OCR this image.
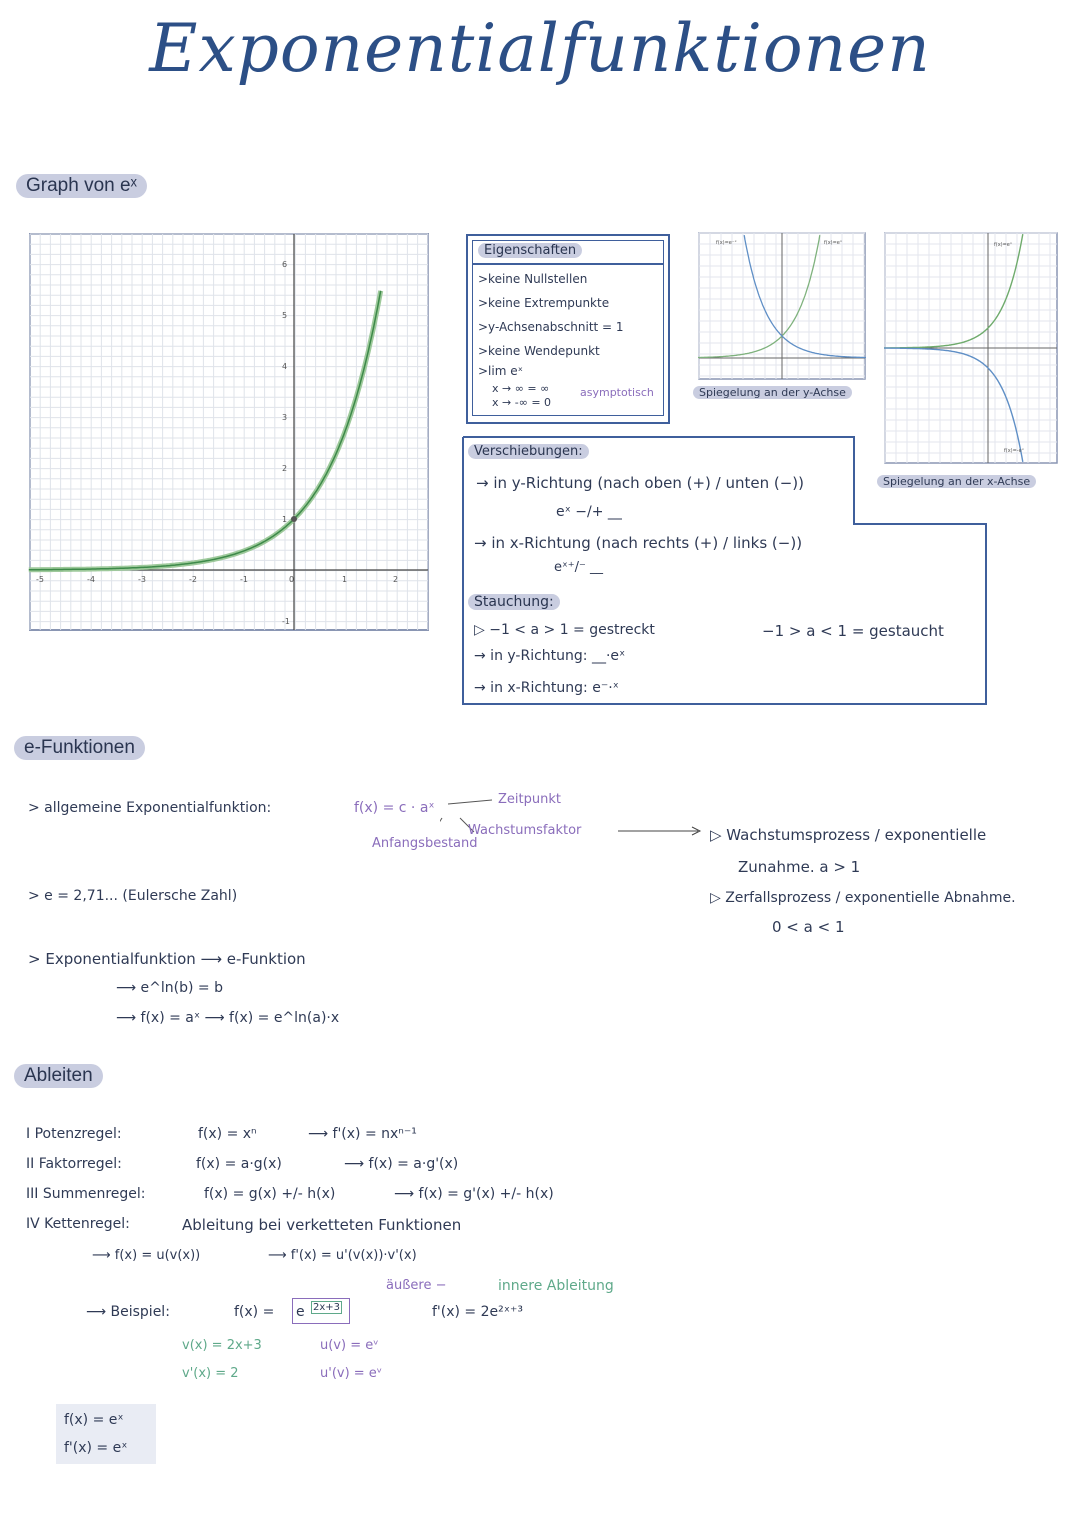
Exponentialfunktionen
Graph von eˣ
-5	-4	-3	-2	-1	0	1	2
6
5
4
3
2
1
-1
Eigenschaften
>keine Nullstellen
>keine Extrempunkte
>y-Achsenabschnitt = 1
>keine Wendepunkt
>lim eˣ
x → ∞ = ∞
x → -∞ = 0
asymptotisch
f(x)=e⁻ˣ	f(x)=eˣ
Spiegelung an der y-Achse
f(x)=eˣ
f(x)=-eˣ
Spiegelung an der x-Achse
Verschiebungen:
→ in y-Richtung (nach oben (+) / unten (−))
eˣ −/+ __
→ in x-Richtung (nach rechts (+) / links (−))
eˣ⁺/⁻ __
Stauchung:
▷ −1 < a > 1 = gestreckt	−1 > a < 1 = gestaucht
→ in y-Richtung: __·eˣ
→ in x-Richtung: e⁻·ˣ
e-Funktionen
> allgemeine Exponentialfunktion:	f(x) = c · aˣ
Zeitpunkt
Wachstumsfaktor
Anfangsbestand	▷ Wachstumsprozess / exponentielle
Zunahme. a > 1
▷ Zerfallsprozess / exponentielle Abnahme.
0 < a < 1
> e = 2,71... (Eulersche Zahl)
> Exponentialfunktion ⟶ e-Funktion
⟶ e^ln(b) = b
⟶ f(x) = aˣ ⟶ f(x) = e^ln(a)·x
Ableiten
I Potenzregel:	f(x) = xⁿ	⟶ f'(x) = nxⁿ⁻¹
II Faktorregel:	f(x) = a·g(x)	⟶ f(x) = a·g'(x)
III Summenregel:	f(x) = g(x) +/- h(x)	⟶ f(x) = g'(x) +/- h(x)
IV Kettenregel:	Ableitung bei verketteten Funktionen
⟶ f(x) = u(v(x))	⟶ f'(x) = u'(v(x))·v'(x)
äußere −	innere Ableitung
⟶ Beispiel:	f(x) = e 2x+3	f'(x) = 2e²ˣ⁺³
v(x) = 2x+3
v'(x) = 2
u(v) = eᵛ
u'(v) = eᵛ
f(x) = eˣ
f'(x) = eˣ
